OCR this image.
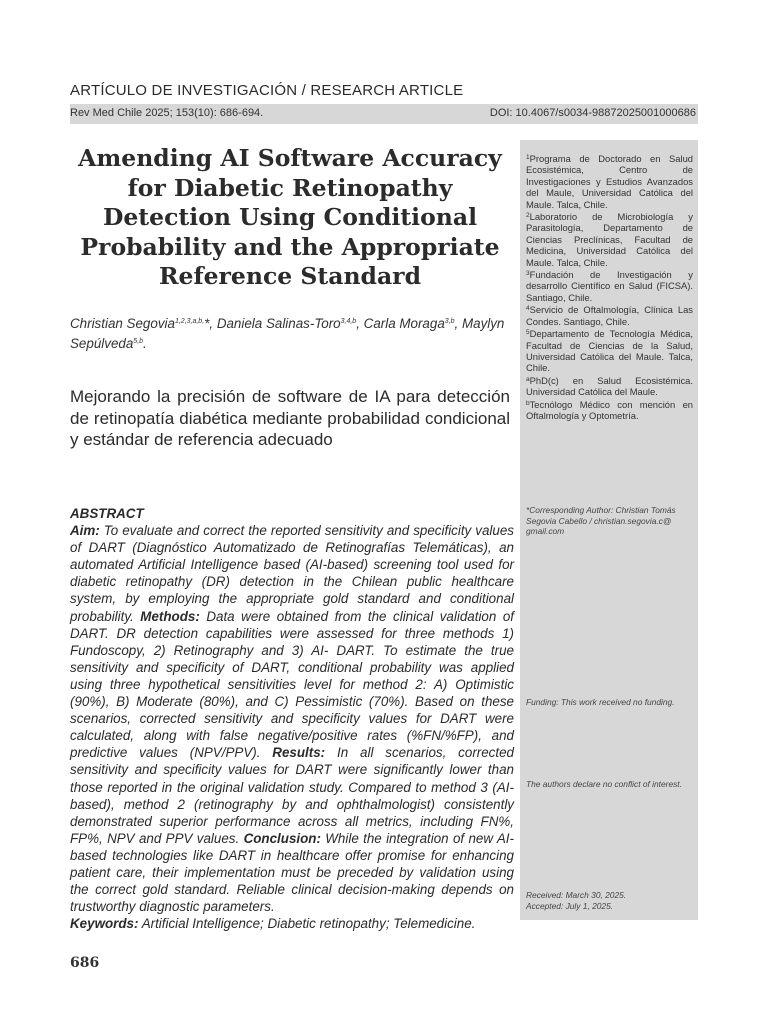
ARTÍCULO DE INVESTIGACIÓN / RESEARCH ARTICLE
Rev Med Chile 2025; 153(10): 686-694.	DOI: 10.4067/s0034-98872025001000686

$^1$Programa de Doctorado en Salud Ecosistémica, Centro de Investigaciones y Estudios Avanzados del Maule, Universidad Católica del Maule. Talca, Chile.

$^2$Laboratorio de Microbiología y Parasitología, Departamento de Ciencias Preclínicas, Facultad de Medicina, Universidad Católica del Maule. Talca, Chile.

$^3$Fundación de Investigación y desarrollo Científico en Salud (FICSA). Santiago, Chile.

$^4$Servicio de Oftalmología, Clínica Las Condes. Santiago, Chile.

$^5$Departamento de Tecnología Médica, Facultad de Ciencias de la Salud, Universidad Católica del Maule. Talca, Chile.

$^a$PhD(c) en Salud Ecosistémica. Universidad Católica del Maule.

$^b$Tecnólogo Médico con mención en Oftalmología y Optometría.

*Corresponding Author: Christian Tomás Segovia Cabello / christian.segovia.c@ gmail.com
Funding: This work received no funding.
The authors declare no conflict of interest.
Received: March 30, 2025.
Accepted: July 1, 2025.
Amending AI Software Accuracy for Diabetic Retinopathy Detection Using Conditional Probability and the Appropriate Reference Standard
Christian Segovia$^{1,2,3,a,b,}$*, Daniela Salinas-Toro$^{3,4,b}$, Carla Moraga$^{3,b}$, Maylyn Sepúlveda$^{5,b}$.
Mejorando la precisión de software de IA para detección de retinopatía diabética mediante probabilidad condicional y estándar de referencia adecuado

ABSTRACT

Aim: To evaluate and correct the reported sensitivity and specificity values of DART (Diagnóstico Automatizado de Retinografías Telemáticas), an automated Artificial Intelligence based (AI-based) screening tool used for diabetic retinopathy (DR) detection in the Chilean public healthcare system, by employing the appropriate gold standard and conditional probability. Methods: Data were obtained from the clinical validation of DART. DR detection capabilities were assessed for three methods 1) Fundoscopy, 2) Retinography and 3) AI- DART. To estimate the true sensitivity and specificity of DART, conditional probability was applied using three hypothetical sensitivities level for method 2: A) Optimistic (90%), B) Moderate (80%), and C) Pessimistic (70%). Based on these scenarios, corrected sensitivity and specificity values for DART were calculated, along with false negative/positive rates (%FN/%FP), and predictive values (NPV/PPV). Results: In all scenarios, corrected sensitivity and specificity values for DART were significantly lower than those reported in the original validation study. Compared to method 3 (AI-based), method 2 (retinography by and ophthalmologist) consistently demonstrated superior performance across all metrics, including FN%, FP%, NPV and PPV values. Conclusion: While the integration of new AI-based technologies like DART in healthcare offer promise for enhancing patient care, their implementation must be preceded by validation using the correct gold standard. Reliable clinical decision-making depends on trustworthy diagnostic parameters.

Keywords: Artificial Intelligence; Diabetic retinopathy; Telemedicine.

686
